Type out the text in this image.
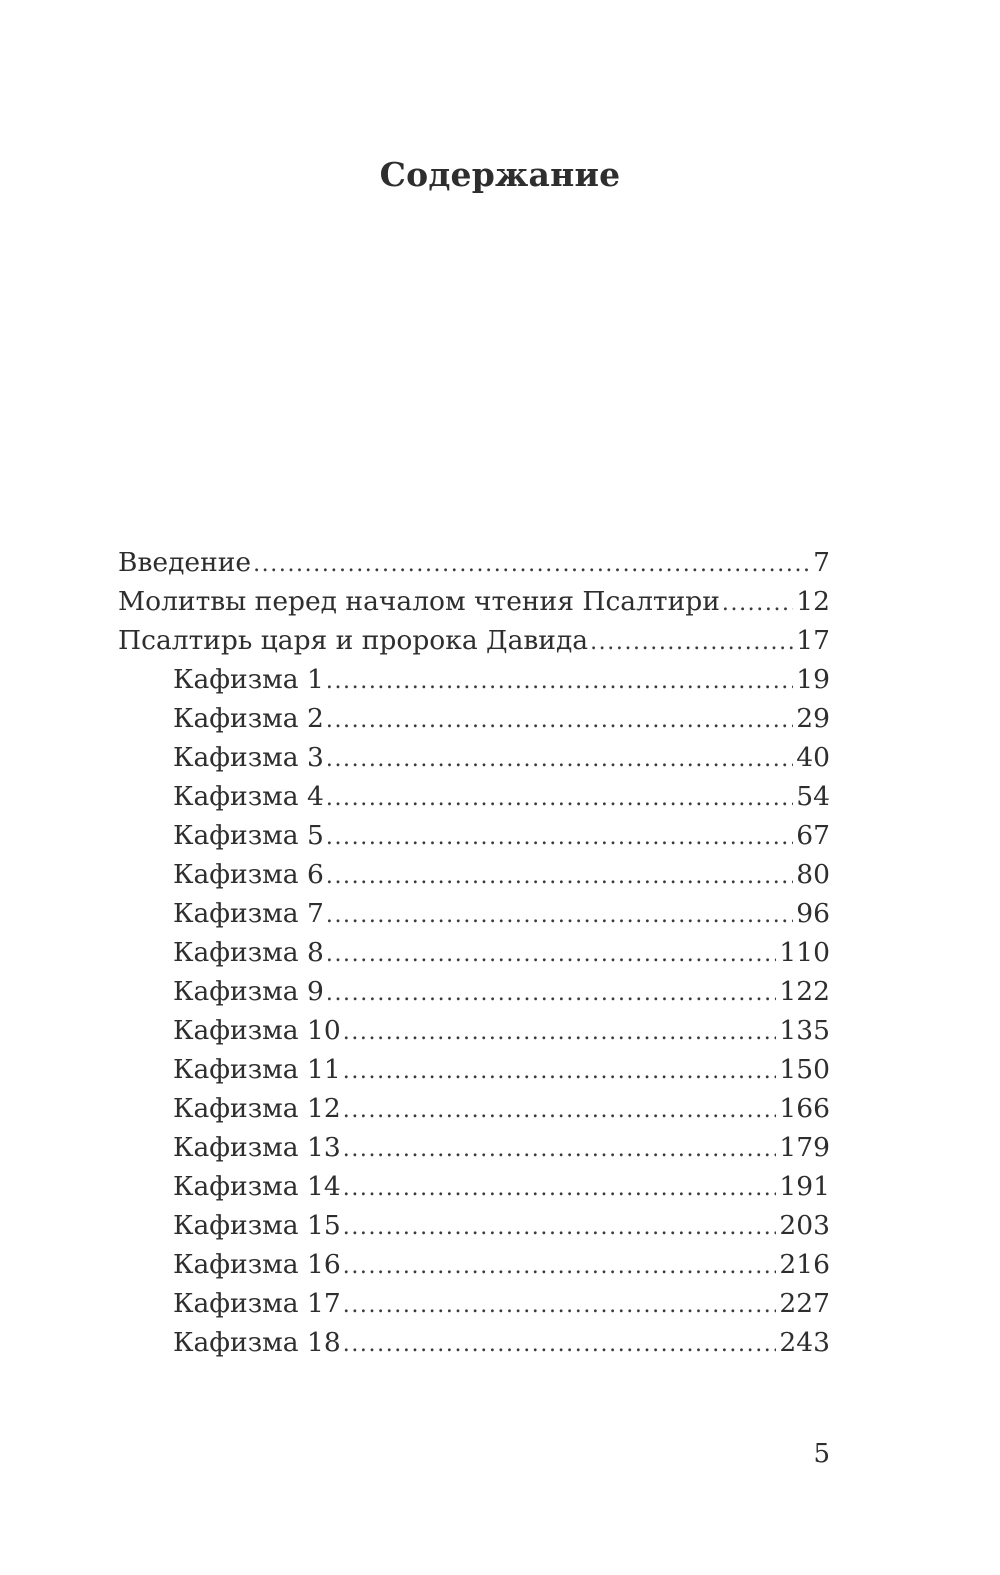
Содержание
Введение .....	7
Молитвы перед началом чтения Псалтири .....	12
Псалтирь царя и пророка Давида .....	17
Кафизма 1 .....	19
Кафизма 2 .....	29
Кафизма 3 .....	40
Кафизма 4 .....	54
Кафизма 5 .....	67
Кафизма 6 .....	80
Кафизма 7 .....	96
Кафизма 8 .....	110
Кафизма 9 .....	122
Кафизма 10 .....	135
Кафизма 11 .....	150
Кафизма 12 .....	166
Кафизма 13 .....	179
Кафизма 14 .....	191
Кафизма 15 .....	203
Кафизма 16 .....	216
Кафизма 17 .....	227
Кафизма 18 .....	243
5
